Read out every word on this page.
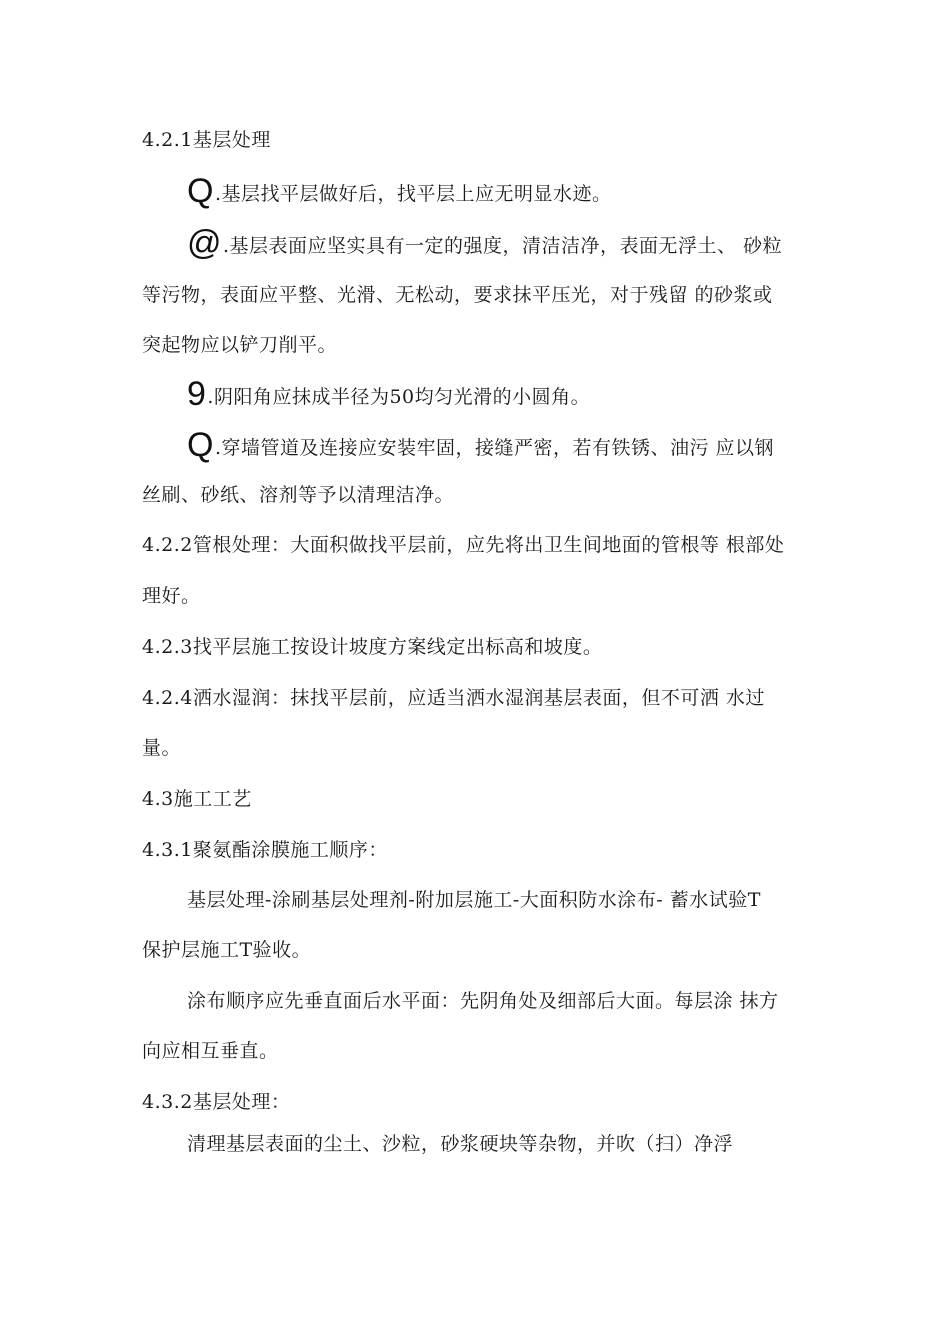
4.2.1基层处理
Q.基层找平层做好后，找平层上应无明显水迹。
@.基层表面应坚实具有一定的强度，清洁洁净，表面无浮土、 砂粒
等污物，表面应平整、光滑、无松动，要求抹平压光，对于残留 的砂浆或
突起物应以铲刀削平。
9.阴阳角应抹成半径为50均匀光滑的小圆角。
Q.穿墙管道及连接应安装牢固，接缝严密，若有铁锈、油污 应以钢
丝刷、砂纸、溶剂等予以清理洁净。
4.2.2管根处理：大面积做找平层前，应先将出卫生间地面的管根等 根部处
理好。
4.2.3找平层施工按设计坡度方案线定出标高和坡度。
4.2.4洒水湿润：抹找平层前，应适当洒水湿润基层表面，但不可洒 水过
量。
4.3施工工艺
4.3.1聚氨酯涂膜施工顺序：
基层处理-涂刷基层处理剂-附加层施工-大面积防水涂布- 蓄水试验T
保护层施工T验收。
涂布顺序应先垂直面后水平面：先阴角处及细部后大面。每层涂 抹方
向应相互垂直。
4.3.2基层处理：
清理基层表面的尘土、沙粒，砂浆硬块等杂物，并吹（扫）净浮
